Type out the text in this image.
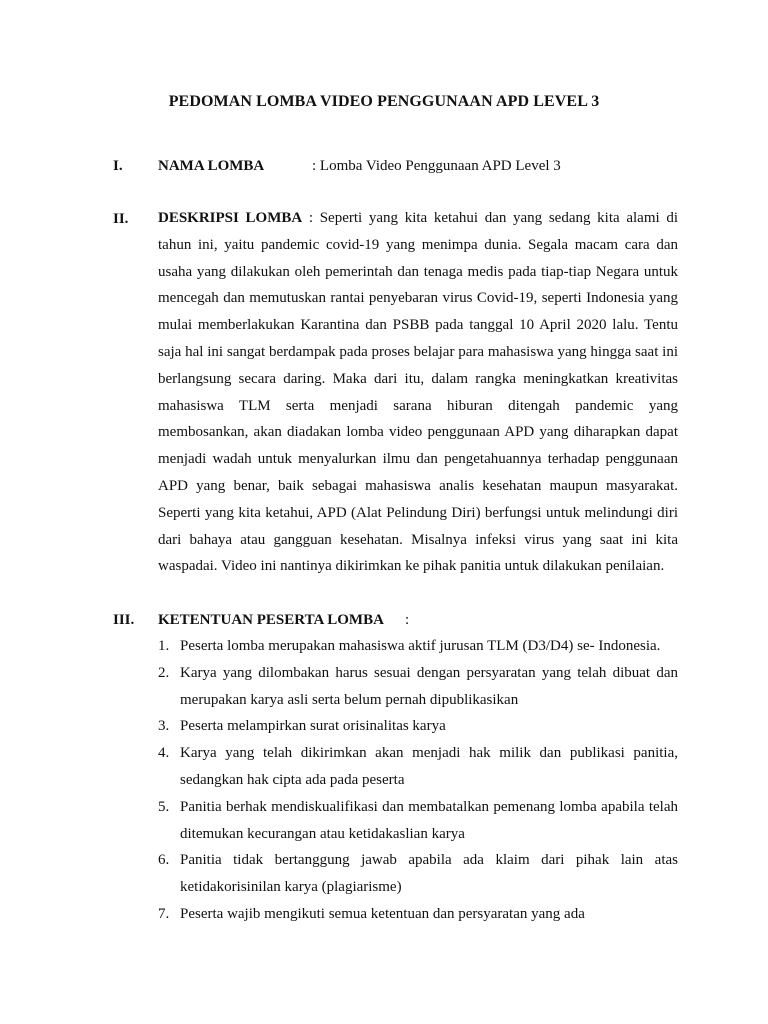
PEDOMAN LOMBA VIDEO PENGGUNAAN APD LEVEL 3
I. NAMA LOMBA	: Lomba Video Penggunaan APD Level 3
II. DESKRIPSI LOMBA : Seperti yang kita ketahui dan yang sedang kita alami di tahun ini, yaitu pandemic covid-19 yang menimpa dunia. Segala macam cara dan usaha yang dilakukan oleh pemerintah dan tenaga medis pada tiap-tiap Negara untuk mencegah dan memutuskan rantai penyebaran virus Covid-19, seperti Indonesia yang mulai memberlakukan Karantina dan PSBB pada tanggal 10 April 2020 lalu. Tentu saja hal ini sangat berdampak pada proses belajar para mahasiswa yang hingga saat ini berlangsung secara daring. Maka dari itu, dalam rangka meningkatkan kreativitas mahasiswa TLM serta menjadi sarana hiburan ditengah pandemic yang membosankan, akan diadakan lomba video penggunaan APD yang diharapkan dapat menjadi wadah untuk menyalurkan ilmu dan pengetahuannya terhadap penggunaan APD yang benar, baik sebagai mahasiswa analis kesehatan maupun masyarakat. Seperti yang kita ketahui, APD (Alat Pelindung Diri) berfungsi untuk melindungi diri dari bahaya atau gangguan kesehatan. Misalnya infeksi virus yang saat ini kita waspadai. Video ini nantinya dikirimkan ke pihak panitia untuk dilakukan penilaian.

III. KETENTUAN PESERTA LOMBA :
1. Peserta lomba merupakan mahasiswa aktif jurusan TLM (D3/D4) se- Indonesia.
2. Karya yang dilombakan harus sesuai dengan persyaratan yang telah dibuat dan merupakan karya asli serta belum pernah dipublikasikan
3. Peserta melampirkan surat orisinalitas karya
4. Karya yang telah dikirimkan akan menjadi hak milik dan publikasi panitia, sedangkan hak cipta ada pada peserta
5. Panitia berhak mendiskualifikasi dan membatalkan pemenang lomba apabila telah ditemukan kecurangan atau ketidakaslian karya
6. Panitia tidak bertanggung jawab apabila ada klaim dari pihak lain atas ketidakorisinilan karya (plagiarisme)
7. Peserta wajib mengikuti semua ketentuan dan persyaratan yang ada
